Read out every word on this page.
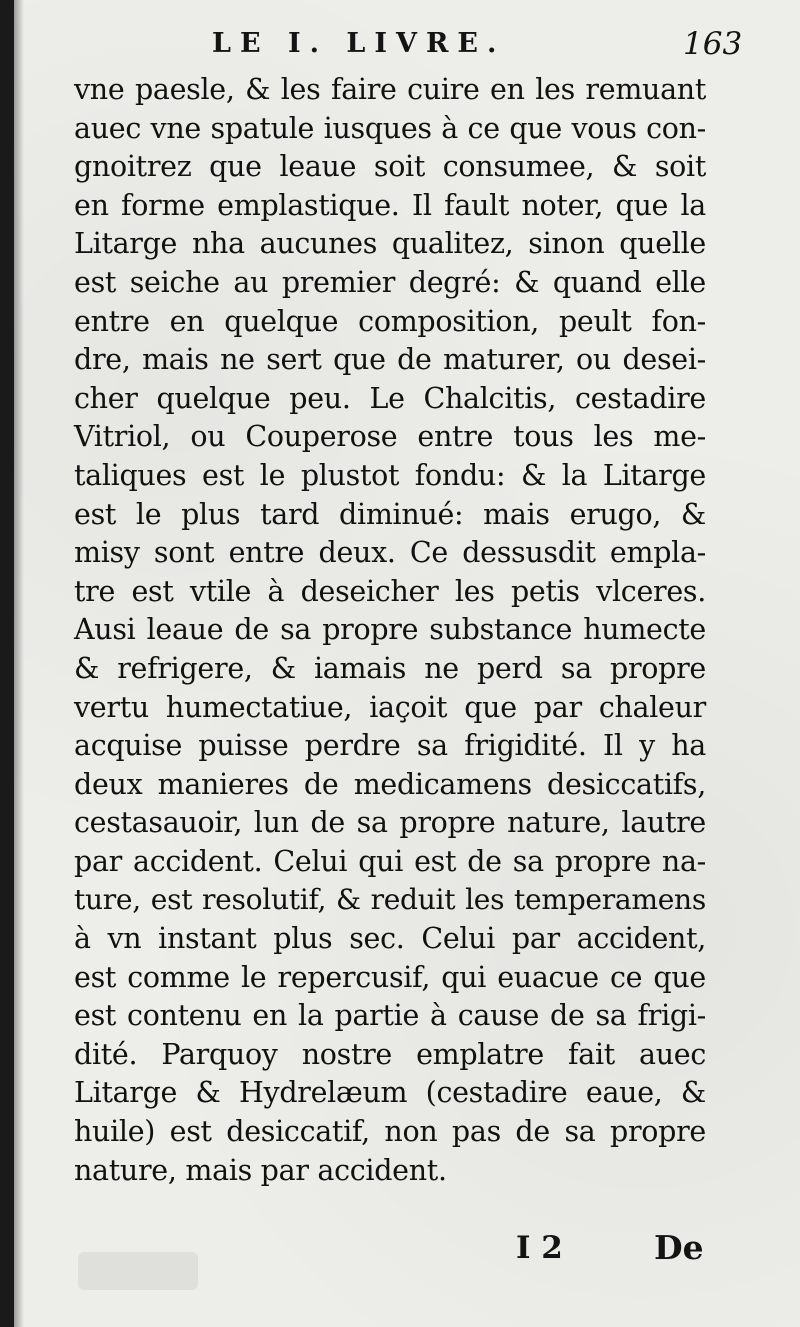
LE I. LIVRE.	163
vne paesle, & les faire cuire en les remuant
auec vne spatule iusques à ce que vous con-
gnoitrez que leaue soit consumee, & soit
en forme emplastique. Il fault noter, que la
Litarge nha aucunes qualitez, sinon quelle
est seiche au premier degré: & quand elle
entre en quelque composition, peult fon-
dre, mais ne sert que de maturer, ou desei-
cher quelque peu. Le Chalcitis, cestadire
Vitriol, ou Couperose entre tous les me-
taliques est le plustot fondu: & la Litarge
est le plus tard diminué: mais erugo, &
misy sont entre deux. Ce dessusdit empla-
tre est vtile à deseicher les petis vlceres.
Ausi leaue de sa propre substance humecte
& refrigere, & iamais ne perd sa propre
vertu humectatiue, iaçoit que par chaleur
acquise puisse perdre sa frigidité. Il y ha
deux manieres de medicamens desiccatifs,
cestasauoir, lun de sa propre nature, lautre
par accident. Celui qui est de sa propre na-
ture, est resolutif, & reduit les temperamens
à vn instant plus sec. Celui par accident,
est comme le repercusif, qui euacue ce que
est contenu en la partie à cause de sa frigi-
dité. Parquoy nostre emplatre fait auec
Litarge & Hydrelæum (cestadire eaue, &
huile) est desiccatif, non pas de sa propre
nature, mais par accident.
I 2	De
